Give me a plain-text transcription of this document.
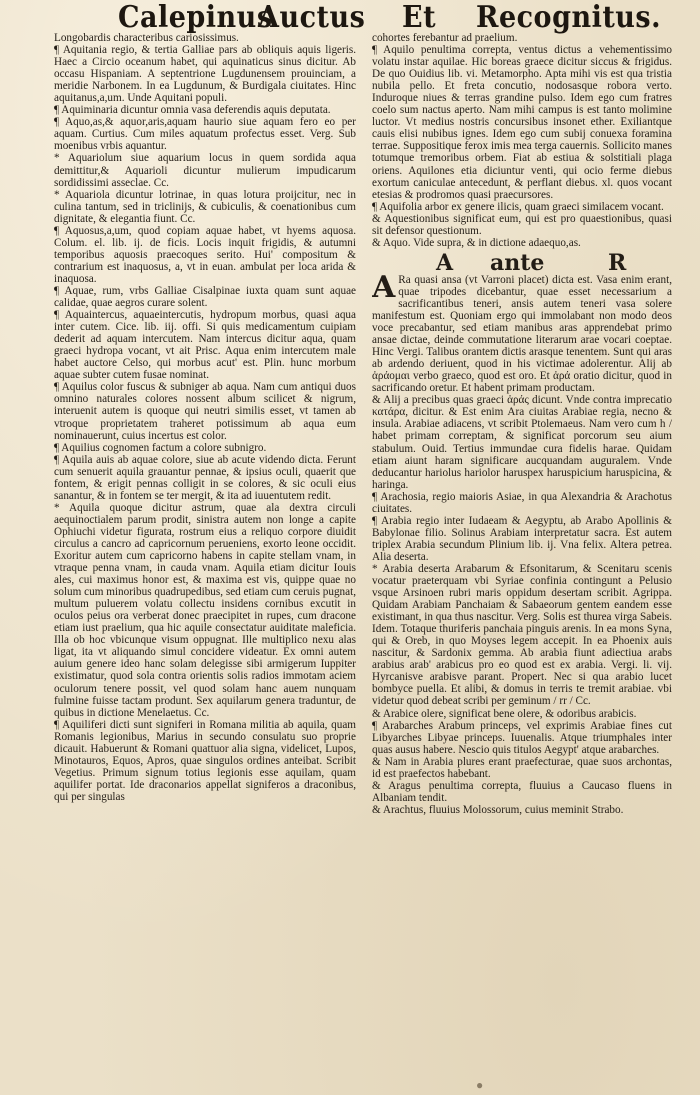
Calepinus
Auctus Et Recognitus.

Longobardis characteribus cariosissimus.

¶ Aquitania regio, & tertia Galliae pars ab obliquis aquis ligeris. Haec a Circio oceanum habet, qui aquinaticus sinus dicitur. Ab occasu Hispaniam. A septentrione Lugdunensem prouinciam, a meridie Narbonem. In ea Lugdunum, & Burdigala ciuitates. Hinc aquitanus,a,um. Unde Aquitani populi.

¶ Aquiminaria dicuntur omnia vasa deferendis aquis deputata.

¶ Aquo,as,& aquor,aris,aquam haurio siue aquam fero eo per aquam. Curtius. Cum miles aquatum profectus esset. Verg. Sub moenibus vrbis aquantur.

* Aquariolum siue aquarium locus in quem sordida aqua demittitur,& Aquarioli dicuntur mulierum impudicarum sordidissimi asseclae. Cc.

* Aquariola dicuntur lotrinae, in quas lotura proijcitur, nec in culina tantum, sed in triclinijs, & cubiculis, & coenationibus cum dignitate, & elegantia fiunt. Cc.

¶ Aquosus,a,um, quod copiam aquae habet, vt hyems aquosa. Colum. el. lib. ij. de ficis. Locis inquit frigidis, & autumni temporibus aquosis praecoques serito. Hui' compositum & contrarium est inaquosus, a, vt in euan. ambulat per loca arida & inaquosa.

¶ Aquae, rum, vrbs Galliae Cisalpinae iuxta quam sunt aquae calidae, quae aegros curare solent.

¶ Aquaintercus, aquaeintercutis, hydropum morbus, quasi aqua inter cutem. Cice. lib. iij. offi. Si quis medicamentum cuipiam dederit ad aquam intercutem. Nam intercus dicitur aqua, quam graeci hydropa vocant, vt ait Prisc. Aqua enim intercutem male habet auctore Celso, qui morbus acut' est. Plin. hunc morbum aquae subter cutem fusae nominat.

¶ Aquilus color fuscus & subniger ab aqua. Nam cum antiqui duos omnino naturales colores nossent album scilicet & nigrum, interuenit autem is quoque qui neutri similis esset, vt tamen ab vtroque proprietatem traheret potissimum ab aqua eum nominauerunt, cuius incertus est color.

¶ Aquilius cognomen factum a colore subnigro.

¶ Aquila auis ab aquae colore, siue ab acute videndo dicta. Ferunt cum senuerit aquila grauantur pennae, & ipsius oculi, quaerit que fontem, & erigit pennas colligit in se colores, & sic oculi eius sanantur, & in fontem se ter mergit, & ita ad iuuentutem redit.

* Aquila quoque dicitur astrum, quae ala dextra circuli aequinoctialem parum prodit, sinistra autem non longe a capite Ophiuchi videtur figurata, rostrum eius a reliquo corpore diuidit circulus a cancro ad capricornum perueniens, exorto leone occidit. Exoritur autem cum capricorno habens in capite stellam vnam, in vtraque penna vnam, in cauda vnam. Aquila etiam dicitur Iouis ales, cui maximus honor est, & maxima est vis, quippe quae no solum cum minoribus quadrupedibus, sed etiam cum ceruis pugnat, multum puluerem volatu collectu insidens cornibus excutit in oculos peius ora verberat donec praecipitet in rupes, cum dracone etiam iust praelium, qua hic aquile consectatur auiditate maleficia. Illa ob hoc vbicunque visum oppugnat. Ille multiplico nexu alas ligat, ita vt aliquando simul concidere videatur. Ex omni autem auium genere ideo hanc solam delegisse sibi armigerum Iuppiter existimatur, quod sola contra orientis solis radios immotam aciem oculorum tenere possit, vel quod solam hanc auem nunquam fulmine fuisse tactam produnt. Sex aquilarum genera traduntur, de quibus in dictione Menelaetus. Cc.

¶ Aquiliferi dicti sunt signiferi in Romana militia ab aquila, quam Romanis legionibus, Marius in secundo consulatu suo proprie dicauit. Habuerunt & Romani quattuor alia signa, videlicet, Lupos, Minotauros, Equos, Apros, quae singulos ordines anteibat. Scribit Vegetius. Primum signum totius legionis esse aquilam, quam aquilifer portat. Ide draconarios appellat signiferos a draconibus, qui per singulas

cohortes ferebantur ad praelium.

¶ Aquilo penultima correpta, ventus dictus a vehementissimo volatu instar aquilae. Hic boreas graece dicitur siccus & frigidus. De quo Ouidius lib. vi. Metamorpho. Apta mihi vis est qua tristia nubila pello. Et freta concutio, nodosasque robora verto. Induroque niues & terras grandine pulso. Idem ego cum fratres coelo sum nactus aperto. Nam mihi campus is est tanto molimine luctor. Vt medius nostris concursibus insonet ether. Exiliantque cauis elisi nubibus ignes. Idem ego cum subij conuexa foramina terrae. Suppositique ferox imis mea terga cauernis. Sollicito manes totumque tremoribus orbem. Fiat ab estiua & solstitiali plaga oriens. Aquilones etia diciuntur venti, qui ocio ferme diebus exortum caniculae antecedunt, & perflant diebus. xl. quos vocant etesias & prodromos quasi praecursores.

¶ Aquifolia arbor ex genere ilicis, quam graeci similacem vocant.

& Aquestionibus significat eum, qui est pro quaestionibus, quasi sit defensor questionum.

& Aquo. Vide supra, & in dictione adaequo,as.

A ante	R

A Ra quasi ansa (vt Varroni placet) dicta est. Vasa enim erant, quae tripodes dicebantur, quae esset necessarium a sacrificantibus teneri, ansis autem teneri vasa solere manifestum est. Quoniam ergo qui immolabant non modo deos voce precabantur, sed etiam manibus aras apprendebat primo ansae dictae, deinde commutatione literarum arae vocari coeptae. Hinc Vergi. Talibus orantem dictis arasque tenentem. Sunt qui aras ab ardendo deriuent, quod in his victimae adolerentur. Alij ab ἀράομαι verbo graeco, quod est oro. Et ἀρά oratio dicitur, quod in sacrificando oretur. Et habent primam productam.

& Alij a precibus quas graeci ἀράς dicunt. Vnde contra imprecatio κατάρα, dicitur. & Est enim Ara ciuitas Arabiae regia, necno & insula. Arabiae adiacens, vt scribit Ptolemaeus. Nam vero cum h / habet primam correptam, & significat porcorum seu aium stabulum. Ouid. Tertius immundae cura fidelis harae. Quidam etiam aiunt haram significare aucquandam auguralem. Vnde deducantur hariolus hariolor haruspex haruspicium haruspicina, & haringa.

¶ Arachosia, regio maioris Asiae, in qua Alexandria & Arachotus ciuitates.

¶ Arabia regio inter Iudaeam & Aegyptu, ab Arabo Apollinis & Babylonae filio. Solinus Arabiam interpretatur sacra. Est autem triplex Arabia secundum Plinium lib. ij. Vna felix. Altera petrea. Alia deserta.

* Arabia deserta Arabarum & Efsonitarum, & Scenitaru scenis vocatur praeterquam vbi Syriae confinia contingunt a Pelusio vsque Arsinoen rubri maris oppidum desertam scribit. Agrippa. Quidam Arabiam Panchaiam & Sabaeorum gentem eandem esse existimant, in qua thus nascitur. Verg. Solis est thurea virga Sabeis. Idem. Totaque thuriferis panchaia pinguis arenis. In ea mons Syna, qui & Oreb, in quo Moyses legem accepit. In ea Phoenix auis nascitur, & Sardonix gemma. Ab arabia fiunt adiectiua arabs arabius arab' arabicus pro eo quod est ex arabia. Vergi. li. vij. Hyrcanisve arabisve parant. Propert. Nec si qua arabio lucet bombyce puella. Et alibi, & domus in terris te tremit arabiae. vbi videtur quod debeat scribi per geminum / rr / Cc.

& Arabice olere, significat bene olere, & odoribus arabicis.

¶ Arabarches Arabum princeps, vel exprimis Arabiae fines cut Libyarches Libyae princeps. Iuuenalis. Atque triumphales inter quas ausus habere. Nescio quis titulos Aegypt' atque arabarches.

& Nam in Arabia plures erant praefecturae, quae suos archontas, id est praefectos habebant.

& Aragus penultima correpta, fluuius a Caucaso fluens in Albaniam tendit.

& Arachtus, fluuius Molossorum, cuius meminit Strabo.

●
